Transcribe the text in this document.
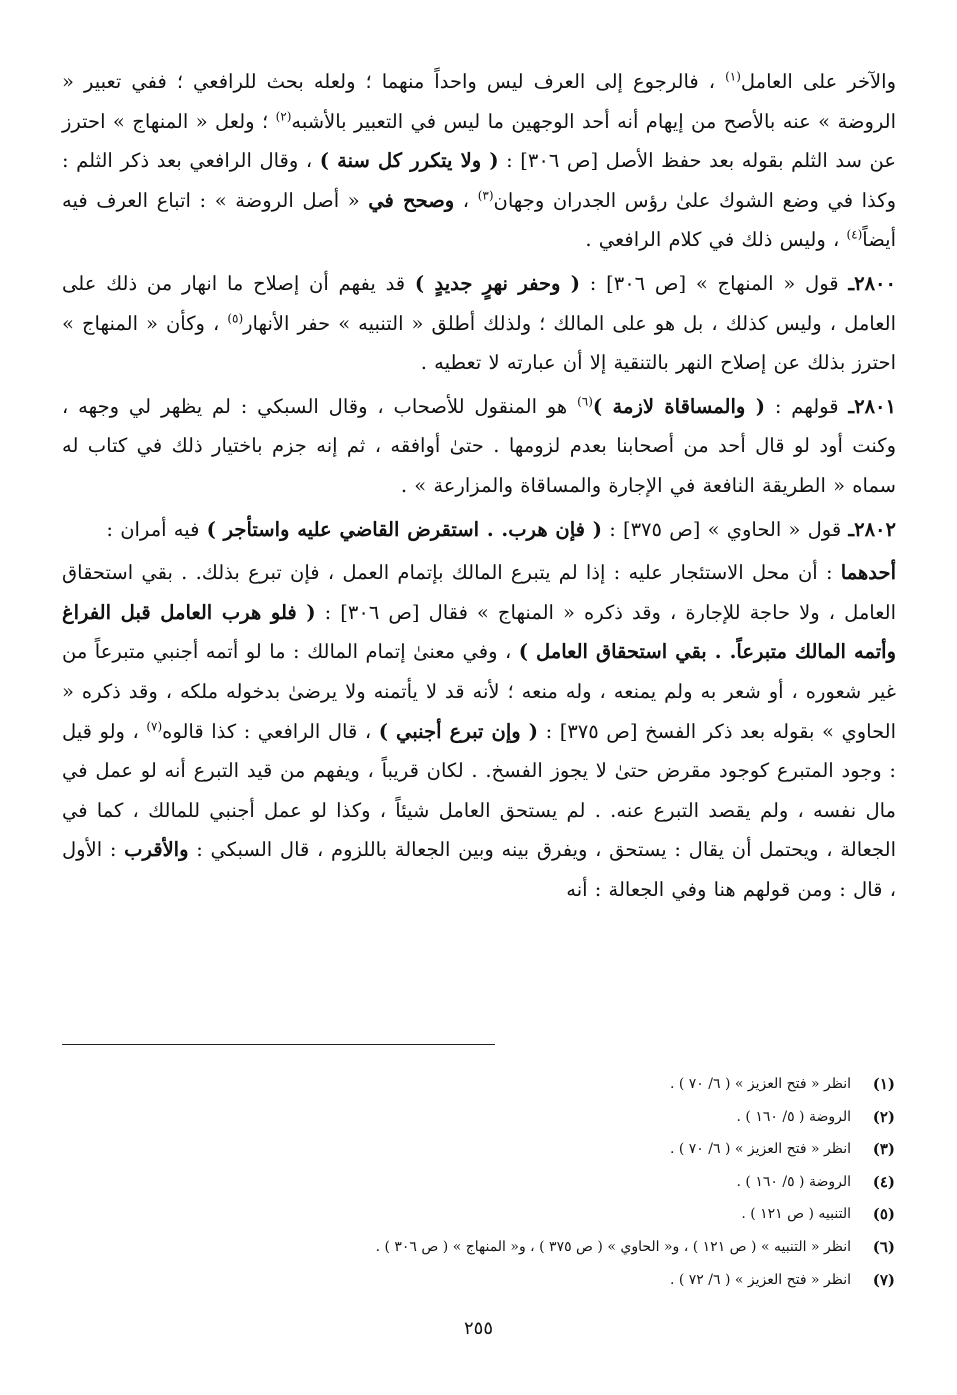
والآخر على العامل$^{(١)}$ ، فالرجوع إلى العرف ليس واحداً منهما ؛ ولعله بحث للرافعي ؛ ففي تعبير « الروضة » عنه بالأصح من إيهام أنه أحد الوجهين ما ليس في التعبير بالأشبه$^{(٢)}$ ؛ ولعل « المنهاج » احترز عن سد الثلم بقوله بعد حفظ الأصل [ص ٣٠٦] : ( ولا يتكرر كل سنة ) ، وقال الرافعي بعد ذكر الثلم : وكذا في وضع الشوك علىٰ رؤس الجدران وجهان$^{(٣)}$ ، وصحح في « أصل الروضة » : اتباع العرف فيه أيضاً$^{(٤)}$ ، وليس ذلك في كلام الرافعي .

٢٨٠٠ـ قول « المنهاج » [ص ٣٠٦] : ( وحفر نهرٍ جديدٍ ) قد يفهم أن إصلاح ما انهار من ذلك على العامل ، وليس كذلك ، بل هو على المالك ؛ ولذلك أطلق « التنبيه » حفر الأنهار$^{(٥)}$ ، وكأن « المنهاج » احترز بذلك عن إصلاح النهر بالتنقية إلا أن عبارته لا تعطيه .

٢٨٠١ـ قولهم : ( والمساقاة لازمة )$^{(٦)}$ هو المنقول للأصحاب ، وقال السبكي : لم يظهر لي وجهه ، وكنت أود لو قال أحد من أصحابنا بعدم لزومها . حتىٰ أوافقه ، ثم إنه جزم باختيار ذلك في كتاب له سماه « الطريقة النافعة في الإجارة والمساقاة والمزارعة » .

٢٨٠٢ـ قول « الحاوي » [ص ٣٧٥] : ( فإن هرب. . استقرض القاضي عليه واستأجر ) فيه أمران :

أحدهما : أن محل الاستئجار عليه : إذا لم يتبرع المالك بإتمام العمل ، فإن تبرع بذلك. . بقي استحقاق العامل ، ولا حاجة للإجارة ، وقد ذكره « المنهاج » فقال [ص ٣٠٦] : ( فلو هرب العامل قبل الفراغ وأتمه المالك متبرعاً. . بقي استحقاق العامل ) ، وفي معنىٰ إتمام المالك : ما لو أتمه أجنبي متبرعاً من غير شعوره ، أو شعر به ولم يمنعه ، وله منعه ؛ لأنه قد لا يأتمنه ولا يرضىٰ بدخوله ملكه ، وقد ذكره « الحاوي » بقوله بعد ذكر الفسخ [ص ٣٧٥] : ( وإن تبرع أجنبي ) ، قال الرافعي : كذا قالوه$^{(٧)}$ ، ولو قيل : وجود المتبرع كوجود مقرض حتىٰ لا يجوز الفسخ. . لكان قريباً ، ويفهم من قيد التبرع أنه لو عمل في مال نفسه ، ولم يقصد التبرع عنه. . لم يستحق العامل شيئاً ، وكذا لو عمل أجنبي للمالك ، كما في الجعالة ، ويحتمل أن يقال : يستحق ، ويفرق بينه وبين الجعالة باللزوم ، قال السبكي : والأقرب : الأول ، قال : ومن قولهم هنا وفي الجعالة : أنه

(١)
انظر « فتح العزيز » ( ٦/ ٧٠ ) .
(٢)
الروضة ( ٥/ ١٦٠ ) .
(٣)
انظر « فتح العزيز » ( ٦/ ٧٠ ) .
(٤)
الروضة ( ٥/ ١٦٠ ) .
(٥)
التنبيه ( ص ١٢١ ) .
(٦)
انظر « التنبيه » ( ص ١٢١ ) ، و« الحاوي » ( ص ٣٧٥ ) ، و« المنهاج » ( ص ٣٠٦ ) .
(٧)
انظر « فتح العزيز » ( ٦/ ٧٢ ) .
٢٥٥
